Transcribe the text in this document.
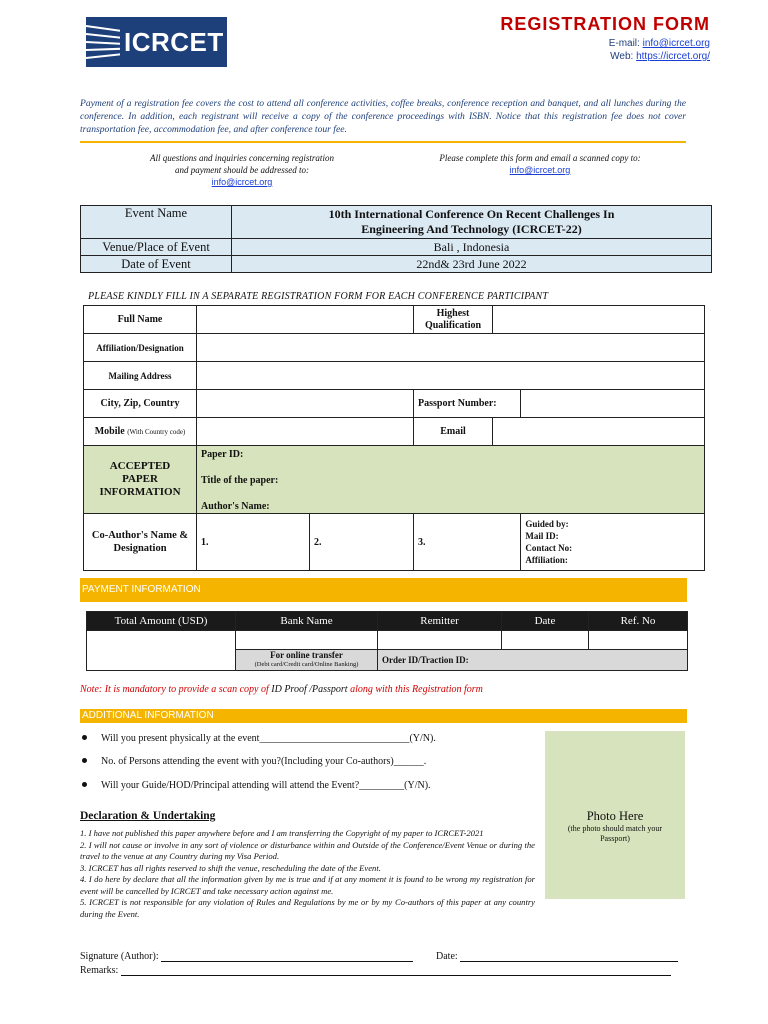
ICRCET
REGISTRATION FORM
E-mail: info@icrcet.org
Web: https://icrcet.org/
Payment of a registration fee covers the cost to attend all conference activities, coffee breaks, conference reception and banquet, and all lunches during the conference. In addition, each registrant will receive a copy of the conference proceedings with ISBN. Notice that this registration fee does not cover transportation fee, accommodation fee, and after conference tour fee.
All questions and inquiries concerning registration
and payment should be addressed to:
info@icrcet.org
Please complete this form and email a scanned copy to:
info@icrcet.org
Event Name	10th International Conference On Recent Challenges In
Engineering And Technology (ICRCET-22)

Venue/Place of Event	Bali , Indonesia
Date of Event	22nd& 23rd June 2022
PLEASE KINDLY FILL IN A SEPARATE REGISTRATION FORM FOR EACH CONFERENCE PARTICIPANT
Full Name			Highest Qualification		
Affiliation/Designation					
Mailing Address					
City, Zip, Country			Passport Number:		
Mobile (With Country code)			Email		
ACCEPTED PAPER INFORMATION	Paper ID:
Title of the paper:
Author's Name:				

Co-Author's Name & Designation	1.	2.	3.		Guided by:
Mail ID:
Contact No:
Affiliation:
PAYMENT INFORMATION
Total Amount (USD)	Bank Name	Remitter	Date	Ref. No

	For online transfer
(Debt card/Credit card/Online Banking)	Order ID/Traction ID:		
Note: It is mandatory to provide a scan copy of ID Proof /Passport along with this Registration form
ADDITIONAL INFORMATION
Will you present physically at the event______________________________(Y/N).
No. of Persons attending the event with you?(Including your Co-authors)______.
Will your Guide/HOD/Principal attending will attend the Event?_________(Y/N).
Photo Here
(the photo should match your Passport)
Declaration & Undertaking
1. I have not published this paper anywhere before and I am transferring the Copyright of my paper to ICRCET-2021
2. I will not cause or involve in any sort of violence or disturbance within and Outside of the Conference/Event Venue or during the travel to the venue at any Country during my Visa Period.
3. ICRCET has all rights reserved to shift the venue, rescheduling the date of the Event.
4. I do here by declare that all the information given by me is true and if at any moment it is found to be wrong my registration for event will be cancelled by ICRCET and take necessary action against me.
5. ICRCET is not responsible for any violation of Rules and Regulations by me or by my Co-authors of this paper at any country during the Event.
Signature (Author):	Date:
Remarks:
